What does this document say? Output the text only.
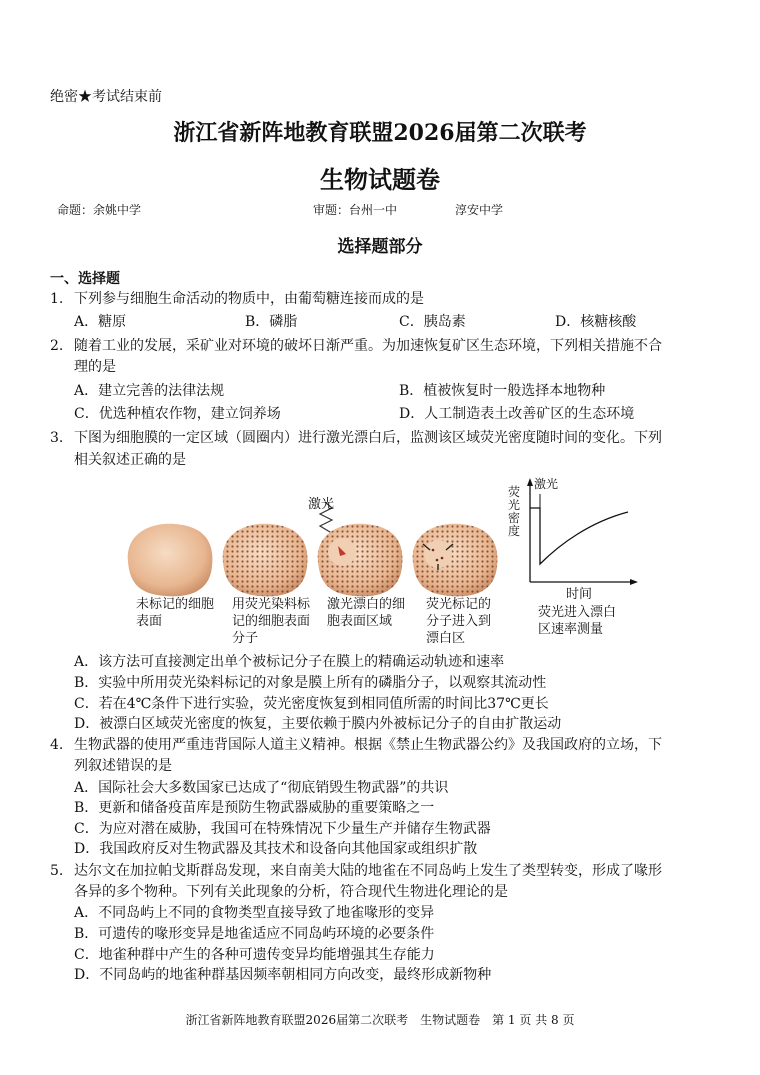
绝密★考试结束前
浙江省新阵地教育联盟2026届第二次联考
生物试题卷
命题：余姚中学	审题：台州一中	淳安中学
选择题部分
一、选择题
1. 下列参与细胞生命活动的物质中，由葡萄糖连接而成的是
A．糖原	B．磷脂	C．胰岛素	D．核糖核酸
2. 随着工业的发展，采矿业对环境的破坏日渐严重。为加速恢复矿区生态环境，下列相关措施不合
理的是
A．建立完善的法律法规	B．植被恢复时一般选择本地物种
C．优选种植农作物，建立饲养场	D．人工制造表土改善矿区的生态环境
3. 下图为细胞膜的一定区域（圆圈内）进行激光漂白后，监测该区域荧光密度随时间的变化。下列
相关叙述正确的是
激光
荧光密度
激光
时间
未标记的细胞表面
用荧光染料标记的细胞表面分子
激光漂白的细胞表面区域
荧光标记的分子进入到漂白区
荧光进入漂白区速率测量
A．该方法可直接测定出单个被标记分子在膜上的精确运动轨迹和速率
B．实验中所用荧光染料标记的对象是膜上所有的磷脂分子，以观察其流动性
C．若在4℃条件下进行实验，荧光密度恢复到相同值所需的时间比37℃更长
D．被漂白区域荧光密度的恢复，主要依赖于膜内外被标记分子的自由扩散运动
4. 生物武器的使用严重违背国际人道主义精神。根据《禁止生物武器公约》及我国政府的立场，下
列叙述错误的是
A．国际社会大多数国家已达成了“彻底销毁生物武器”的共识
B．更新和储备疫苗库是预防生物武器威胁的重要策略之一
C．为应对潜在威胁，我国可在特殊情况下少量生产并储存生物武器
D．我国政府反对生物武器及其技术和设备向其他国家或组织扩散
5. 达尔文在加拉帕戈斯群岛发现，来自南美大陆的地雀在不同岛屿上发生了类型转变，形成了喙形
各异的多个物种。下列有关此现象的分析，符合现代生物进化理论的是
A．不同岛屿上不同的食物类型直接导致了地雀喙形的变异
B．可遗传的喙形变异是地雀适应不同岛屿环境的必要条件
C．地雀种群中产生的各种可遗传变异均能增强其生存能力
D．不同岛屿的地雀种群基因频率朝相同方向改变，最终形成新物种
浙江省新阵地教育联盟2026届第二次联考 生物试题卷 第 1 页 共 8 页
